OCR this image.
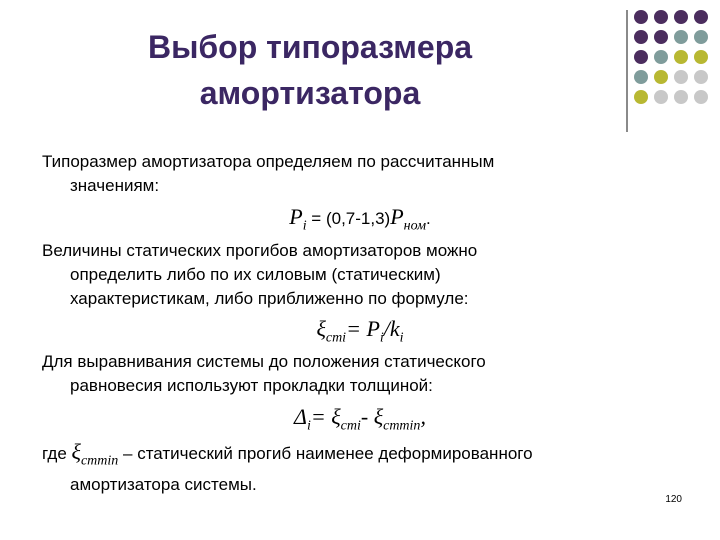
Выбор типоразмера
амортизатора
Типоразмер амортизатора определяем по рассчитанным
значениям:
$P_i = (0,7-1,3)P_{ном}$.
Величины статических прогибов амортизаторов можно
определить либо по их силовым (статическим)
характеристикам, либо приближенно по формуле:
$\xi_{стi}= P_i/k_i$
Для выравнивания системы до положения статического
равновесия используют прокладки толщиной:
$\Delta_i= \xi_{стi}-$ $\xi_{стmin}$,
где $\xi_{стmin}$ – статический прогиб наименее деформированного
амортизатора системы.
120
